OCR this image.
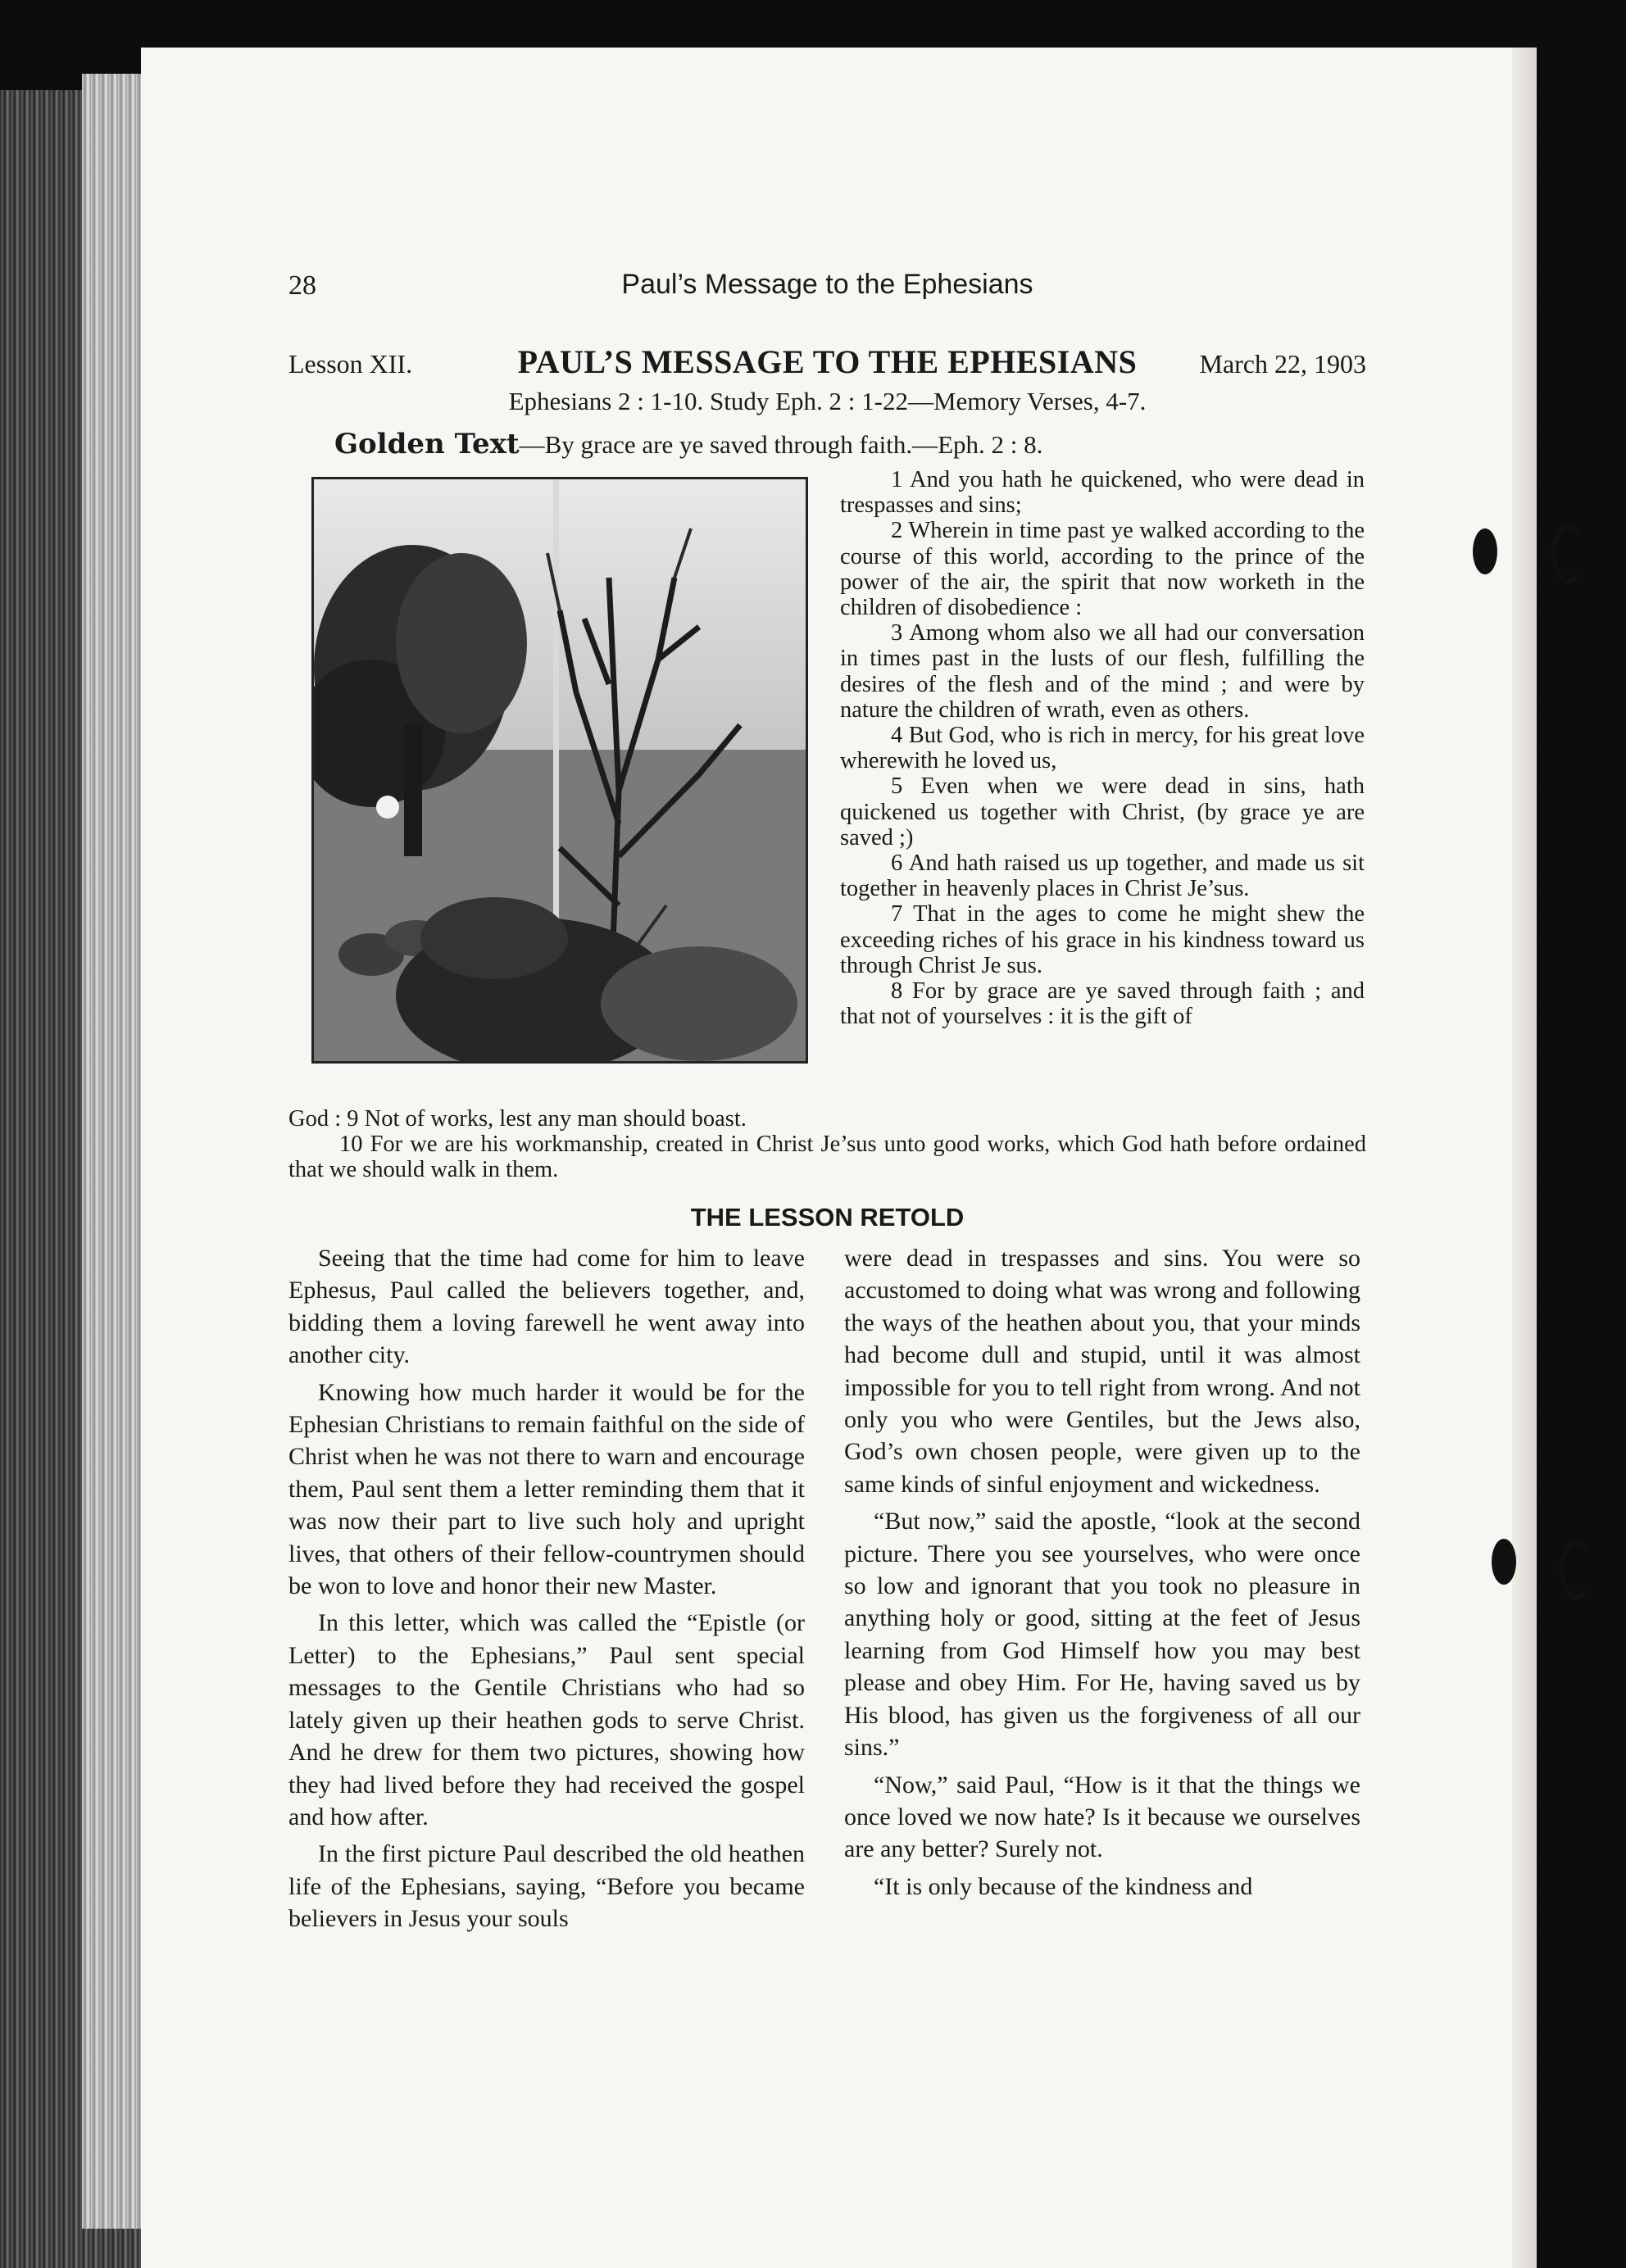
28	Paul’s Message to the Ephesians
PAUL’S MESSAGE TO THE EPHESIANS
Lesson XII.	March 22, 1903
Ephesians 2 : 1-10. Study Eph. 2 : 1-22—Memory Verses, 4-7.
Golden Text—By grace are ye saved through faith.—Eph. 2 : 8.

1 And you hath he quickened, who were dead in trespasses and sins;

2 Wherein in time past ye walked according to the course of this world, according to the prince of the power of the air, the spirit that now worketh in the children of disobedience :

3 Among whom also we all had our conversation in times past in the lusts of our flesh, fulfilling the desires of the flesh and of the mind ; and were by nature the children of wrath, even as others.

4 But God, who is rich in mercy, for his great love wherewith he loved us,

5 Even when we were dead in sins, hath quickened us together with Christ, (by grace ye are saved ;)

6 And hath raised us up together, and made us sit together in heavenly places in Christ Je’sus.

7 That in the ages to come he might shew the exceeding riches of his grace in his kindness toward us through Christ Je sus.

8 For by grace are ye saved through faith ; and that not of yourselves : it is the gift of

God : 9 Not of works, lest any man should boast.

10 For we are his workmanship, created in Christ Je’sus unto good works, which God hath before ordained that we should walk in them.

THE LESSON RETOLD

Seeing that the time had come for him to leave Ephesus, Paul called the believers together, and, bidding them a loving farewell he went away into another city.

Knowing how much harder it would be for the Ephesian Christians to remain faithful on the side of Christ when he was not there to warn and encourage them, Paul sent them a letter reminding them that it was now their part to live such holy and upright lives, that others of their fellow-countrymen should be won to love and honor their new Master.

In this letter, which was called the “Epistle (or Letter) to the Ephesians,” Paul sent special messages to the Gentile Christians who had so lately given up their heathen gods to serve Christ. And he drew for them two pictures, showing how they had lived before they had received the gospel and how after.

In the first picture Paul described the old heathen life of the Ephesians, saying, “Before you became believers in Jesus your souls

were dead in trespasses and sins. You were so accustomed to doing what was wrong and following the ways of the heathen about you, that your minds had become dull and stupid, until it was almost impossible for you to tell right from wrong. And not only you who were Gentiles, but the Jews also, God’s own chosen people, were given up to the same kinds of sinful enjoyment and wickedness.

“But now,” said the apostle, “look at the second picture. There you see yourselves, who were once so low and ignorant that you took no pleasure in anything holy or good, sitting at the feet of Jesus learning from God Himself how you may best please and obey Him. For He, having saved us by His blood, has given us the forgiveness of all our sins.”

“Now,” said Paul, “How is it that the things we once loved we now hate? Is it because we ourselves are any better? Surely not.

“It is only because of the kindness and
